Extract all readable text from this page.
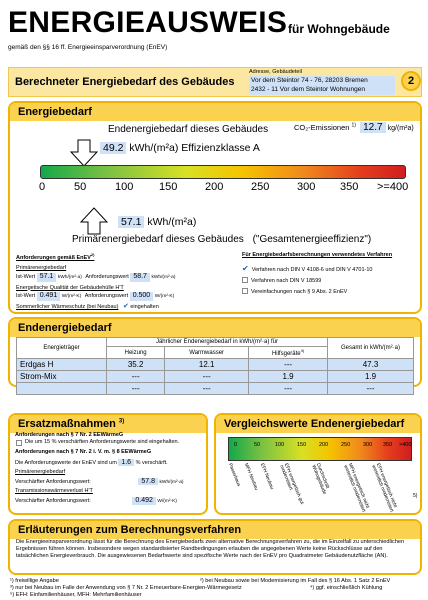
ENERGIEAUSWEIS für Wohngebäude
gemäß den §§ 16 ff. Energieeinsparverordnung (EnEV)
Berechneter Energiebedarf des Gebäudes
Adresse, Gebäudeteil
Vor dem Steintor 74 - 76, 28203 Bremen
2432 - 11 Vor dem Steintor Wohnungen
2
Energiebedarf
Endenergiebedarf dieses Gebäudes	CO₂-Emissionen $^{1)}$ 12.7 kg/(m²a)
49.2 kWh/(m²a) Effizienzklasse A
0	50	100 150	200	250	300 350 >=400
57.1 kWh/(m²a)
Primärenergiebedarf dieses Gebäudes ("Gesamtenergieeffizienz")
Anforderungen gemäß EnEV$^{2)}$
Primärenergiebedarf
Ist-Wert 57.1 kWh/(m²·a) Anforderungswert 58.7 kWh/(m²·a)
Energetische Qualität der Gebäudehülle H'T
Ist-Wert 0.491 W/(m²·K) Anforderungswert 0.500 W/(m²·K)
Sommerlicher Wärmeschutz (bei Neubau) ✔ eingehalten
Für Energiebedarfsberechnungen verwendetes Verfahren
✔ Verfahren nach DIN V 4108-6 und DIN V 4701-10
Verfahren nach DIN V 18599
Vereinfachungen nach § 9 Abs. 2 EnEV
Endenergiebedarf
Energieträger	Jährlicher Endenergiebedarf in kWh/(m²·a) für			Gesamt in kWh/(m²·a)
	Heizung	Warmwasser	Hilfsgeräte$^{4)}$
Erdgas H	35.2	12.1	---	47.3
Strom-Mix	---	---	1.9	1.9
	---	---	---	---
Ersatzmaßnahmen $^{3)}$
Anforderungen nach § 7 Nr. 2 EEWärmeG
Die um 15 % verschärften Anforderungswerte sind eingehalten.
Anforderungen nach § 7 Nr. 2 i. V. m. § 8 EEWärmeG
Die Anforderungswerte der EnEV sind um 1.6 % verschärft.
Primärenergiebedarf
Verschärfter Anforderungswert:	57.8 kWh/(m²·a)
Transmissionswärmeverlust H'T
Verschärfter Anforderungswert:	0.492 W/(m²·K)
Vergleichswerte Endenergiebedarf
0	50	100 150 200 250 300 350 >400
Passivhaus MFH Neubau EFH Neubau	EFH energetisch gut modernisiert	Durchschnitt Wohngebäude	MFH energetisch nicht wesentlich modernisiert	EFH energetisch nicht wesentlich modernisiert	5)
Erläuterungen zum Berechnungsverfahren
Die Energieeinsparverordnung lässt für die Berechnung des Energiebedarfs zwei alternative Berechnungsverfahren zu, die im Einzelfall zu unterschiedlichen Ergebnissen führen können. Insbesondere wegen standardisierter Randbedingungen erlauben die angegebenen Werte keine Rückschlüsse auf den tatsächlichen Energieverbrauch. Die ausgewiesenen Bedarfswerte sind spezifische Werte nach der EnEV pro Quadratmeter Gebäudenutzfläche (AN).
¹) freiwillige Angabe	²) bei Neubau sowie bei Modernisierung im Fall des § 16 Abs. 1 Satz 2 EnEV
³) nur bei Neubau im Falle der Anwendung von § 7 Nr. 2 Erneuerbare-Energien-Wärmegesetz	⁴) ggf. einschließlich Kühlung
⁵) EFH: Einfamilienhäuser, MFH: Mehrfamilienhäuser
